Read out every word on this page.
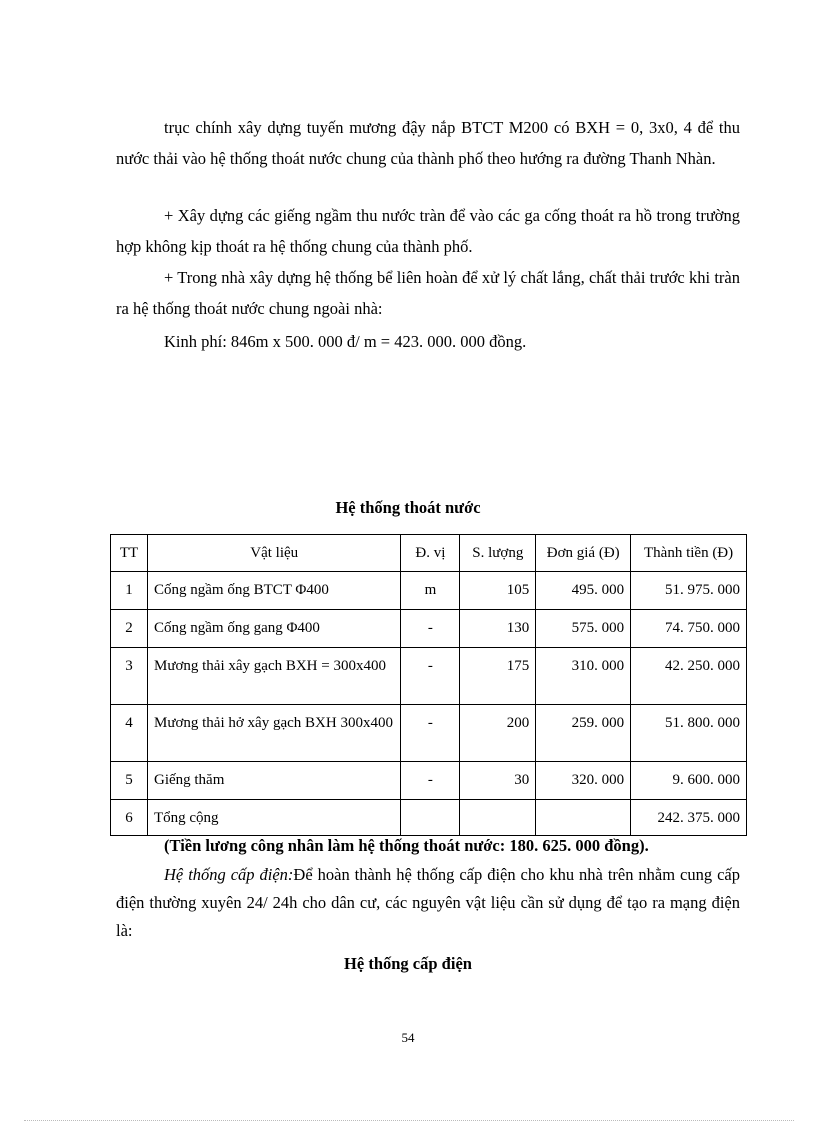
trục chính xây dựng tuyến mương đậy nắp BTCT M200 có BXH = 0, 3x0, 4 để thu nước thải vào hệ thống thoát nước chung của thành phố theo hướng ra đường Thanh Nhàn.

+ Xây dựng các giếng ngầm thu nước tràn để vào các ga cống thoát ra hồ trong trường hợp không kịp thoát ra hệ thống chung của thành phố.

+ Trong nhà xây dựng hệ thống bể liên hoàn để xử lý chất lắng, chất thải trước khi tràn ra hệ thống thoát nước chung ngoài nhà:

Kinh phí: 846m x 500. 000 đ/ m = 423. 000. 000 đồng.

Hệ thống thoát nước
TT	Vật liệu	Đ. vị	S. lượng	Đơn giá (Đ)	Thành tiền (Đ)
1	Cống ngầm ống BTCT Φ400	m	105	495. 000	51. 975. 000
2	Cống ngầm ống gang Φ400	-	130	575. 000	74. 750. 000
3	Mương thải xây gạch BXH = 300x400	-	175	310. 000	42. 250. 000
4	Mương thải hở xây gạch BXH 300x400	-	200	259. 000	51. 800. 000
5	Giếng thăm	-	30	320. 000	9. 600. 000
6	Tổng cộng				242. 375. 000
(Tiền lương công nhân làm hệ thống thoát nước: 180. 625. 000 đồng).

Hệ thống cấp điện:Để hoàn thành hệ thống cấp điện cho khu nhà trên nhằm cung cấp điện thường xuyên 24/ 24h cho dân cư, các nguyên vật liệu cần sử dụng để tạo ra mạng điện là:

Hệ thống cấp điện
54
